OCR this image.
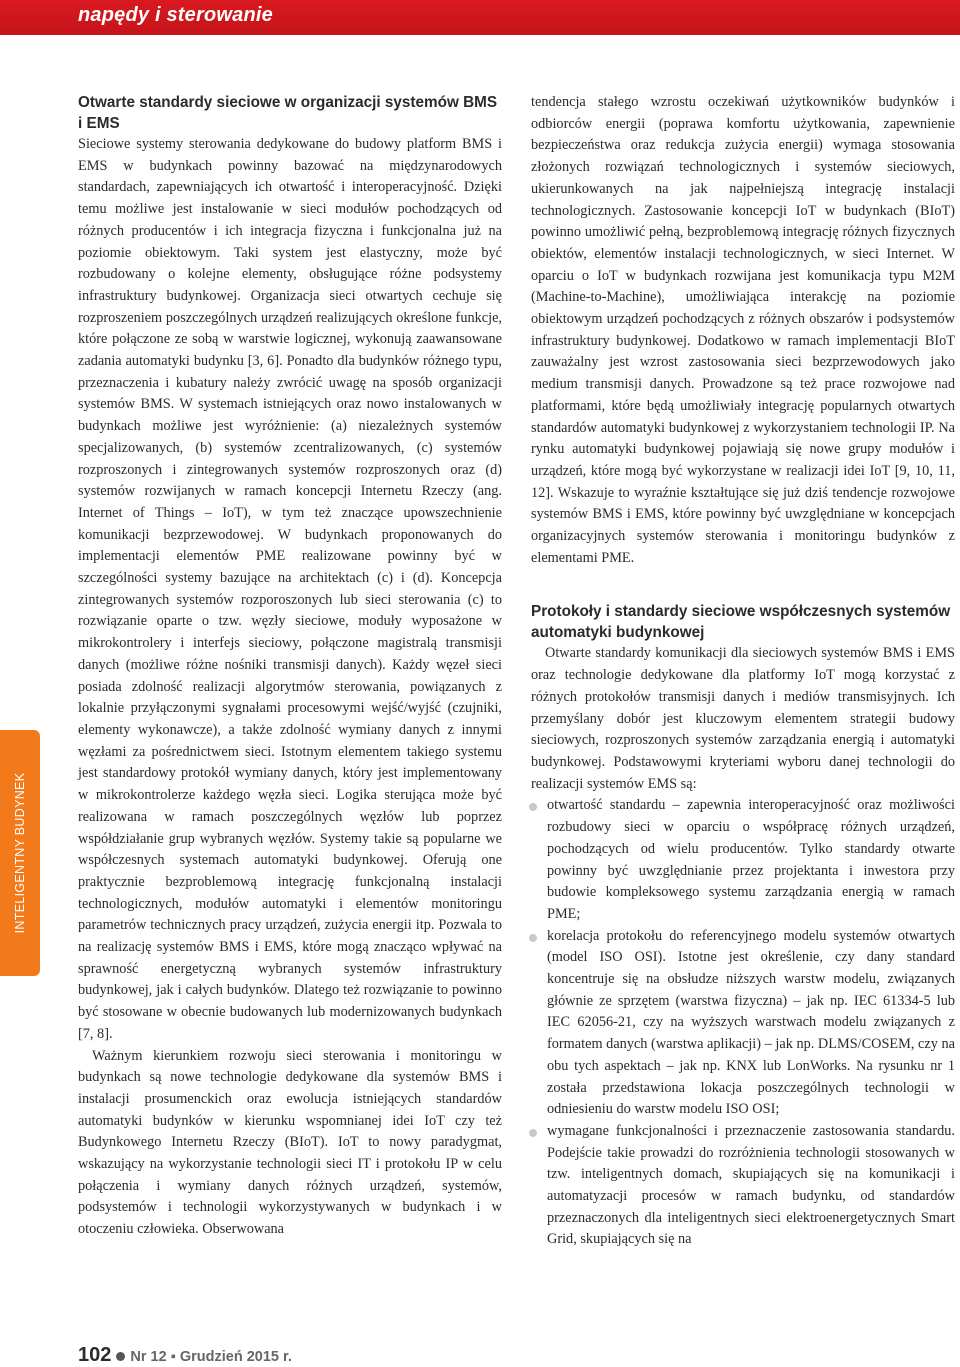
napędy i sterowanie
Otwarte standardy sieciowe w organizacji systemów BMS i EMS

Sieciowe systemy sterowania dedykowane do budowy platform BMS i EMS w budynkach powinny bazować na międzynarodowych standardach, zapewniających ich otwartość i interoperacyjność. Dzięki temu możliwe jest instalowanie w sieci modułów pochodzących od różnych producentów i ich integracja fizyczna i funkcjonalna już na poziomie obiektowym. Taki system jest elastyczny, może być rozbudowany o kolejne elementy, obsługujące różne podsystemy infrastruktury budynkowej. Organizacja sieci otwartych cechuje się rozproszeniem poszczególnych urządzeń realizujących określone funkcje, które połączone ze sobą w warstwie logicznej, wykonują zaawansowane zadania automatyki budynku [3, 6]. Ponadto dla budynków różnego typu, przeznaczenia i kubatury należy zwrócić uwagę na sposób organizacji systemów BMS. W systemach istniejących oraz nowo instalowanych w budynkach możliwe jest wyróżnienie: (a) niezależnych systemów specjalizowanych, (b) systemów zcentralizowanych, (c) systemów rozproszonych i zintegrowanych systemów rozproszonych oraz (d) systemów rozwijanych w ramach koncepcji Internetu Rzeczy (ang. Internet of Things – IoT), w tym też znaczące upowszechnienie komunikacji bezprzewodowej. W budynkach proponowanych do implementacji elementów PME realizowane powinny być w szczególności systemy bazujące na architektach (c) i (d). Koncepcja zintegrowanych systemów rozporoszonych lub sieci sterowania (c) to rozwiązanie oparte o tzw. węzły sieciowe, moduły wyposażone w mikrokontrolery i interfejs sieciowy, połączone magistralą transmisji danych (możliwe różne nośniki transmisji danych). Każdy węzeł sieci posiada zdolność realizacji algorytmów sterowania, powiązanych z lokalnie przyłączonymi sygnałami procesowymi wejść/wyjść (czujniki, elementy wykonawcze), a także zdolność wymiany danych z innymi węzłami za pośrednictwem sieci. Istotnym elementem takiego systemu jest standardowy protokół wymiany danych, który jest implementowany w mikrokontrolerze każdego węzła sieci. Logika sterująca może być realizowana w ramach poszczególnych węzłów lub poprzez współdziałanie grup wybranych węzłów. Systemy takie są popularne we współczesnych systemach automatyki budynkowej. Oferują one praktycznie bezproblemową integrację funkcjonalną instalacji technologicznych, modułów automatyki i elementów monitoringu parametrów technicznych pracy urządzeń, zużycia energii itp. Pozwala to na realizację systemów BMS i EMS, które mogą znacząco wpływać na sprawność energetyczną wybranych systemów infrastruktury budynkowej, jak i całych budynków. Dlatego też rozwiązanie to powinno być stosowane w obecnie budowanych lub modernizowanych budynkach [7, 8].

Ważnym kierunkiem rozwoju sieci sterowania i monitoringu w budynkach są nowe technologie dedykowane dla systemów BMS i instalacji prosumenckich oraz ewolucja istniejących standardów automatyki budynków w kierunku wspomnianej idei IoT czy też Budynkowego Internetu Rzeczy (BIoT). IoT to nowy paradygmat, wskazujący na wykorzystanie technologii sieci IT i protokołu IP w celu połączenia i wymiany danych różnych urządzeń, systemów, podsystemów i technologii wykorzystywanych w budynkach i w otoczeniu człowieka. Obserwowana

tendencja stałego wzrostu oczekiwań użytkowników budynków i odbiorców energii (poprawa komfortu użytkowania, zapewnienie bezpieczeństwa oraz redukcja zużycia energii) wymaga stosowania złożonych rozwiązań technologicznych i systemów sieciowych, ukierunkowanych na jak najpełniejszą integrację instalacji technologicznych. Zastosowanie koncepcji IoT w budynkach (BIoT) powinno umożliwić pełną, bezproblemową integrację różnych fizycznych obiektów, elementów instalacji technologicznych, w sieci Internet. W oparciu o IoT w budynkach rozwijana jest komunikacja typu M2M (Machine-to-Machine), umożliwiająca interakcję na poziomie obiektowym urządzeń pochodzących z różnych obszarów i podsystemów infrastruktury budynkowej. Dodatkowo w ramach implementacji BIoT zauważalny jest wzrost zastosowania sieci bezprzewodowych jako medium transmisji danych. Prowadzone są też prace rozwojowe nad platformami, które będą umożliwiały integrację popularnych otwartych standardów automatyki budynkowej z wykorzystaniem technologii IP. Na rynku automatyki budynkowej pojawiają się nowe grupy modułów i urządzeń, które mogą być wykorzystane w realizacji idei IoT [9, 10, 11, 12]. Wskazuje to wyraźnie kształtujące się już dziś tendencje rozwojowe systemów BMS i EMS, które powinny być uwzględniane w koncepcjach organizacyjnych systemów sterowania i monitoringu budynków z elementami PME.

Protokoły i standardy sieciowe współczesnych systemów automatyki budynkowej

Otwarte standardy komunikacji dla sieciowych systemów BMS i EMS oraz technologie dedykowane dla platformy IoT mogą korzystać z różnych protokołów transmisji danych i mediów transmisyjnych. Ich przemyślany dobór jest kluczowym elementem strategii budowy sieciowych, rozproszonych systemów zarządzania energią i automatyki budynkowej. Podstawowymi kryteriami wyboru danej technologii do realizacji systemów EMS są:

otwartość standardu – zapewnia interoperacyjność oraz możliwości rozbudowy sieci w oparciu o współpracę różnych urządzeń, pochodzących od wielu producentów. Tylko standardy otwarte powinny być uwzględnianie przez projektanta i inwestora przy budowie kompleksowego systemu zarządzania energią w ramach PME;
korelacja protokołu do referencyjnego modelu systemów otwartych (model ISO OSI). Istotne jest określenie, czy dany standard koncentruje się na obsłudze niższych warstw modelu, związanych głównie ze sprzętem (warstwa fizyczna) – jak np. IEC 61334-5 lub IEC 62056-21, czy na wyższych warstwach modelu związanych z formatem danych (warstwa aplikacji) – jak np. DLMS/COSEM, czy na obu tych aspektach – jak np. KNX lub LonWorks. Na rysunku nr 1 została przedstawiona lokacja poszczególnych technologii w odniesieniu do warstw modelu ISO OSI;
wymagane funkcjonalności i przeznaczenie zastosowania standardu. Podejście takie prowadzi do rozróżnienia technologii stosowanych w tzw. inteligentnych domach, skupiających się na komunikacji i automatyzacji procesów w ramach budynku, od standardów przeznaczonych dla inteligentnych sieci elektroenergetycznych Smart Grid, skupiających się na
INTELIGENTNY BUDYNEK
102 Nr 12 ▪ Grudzień 2015 r.
